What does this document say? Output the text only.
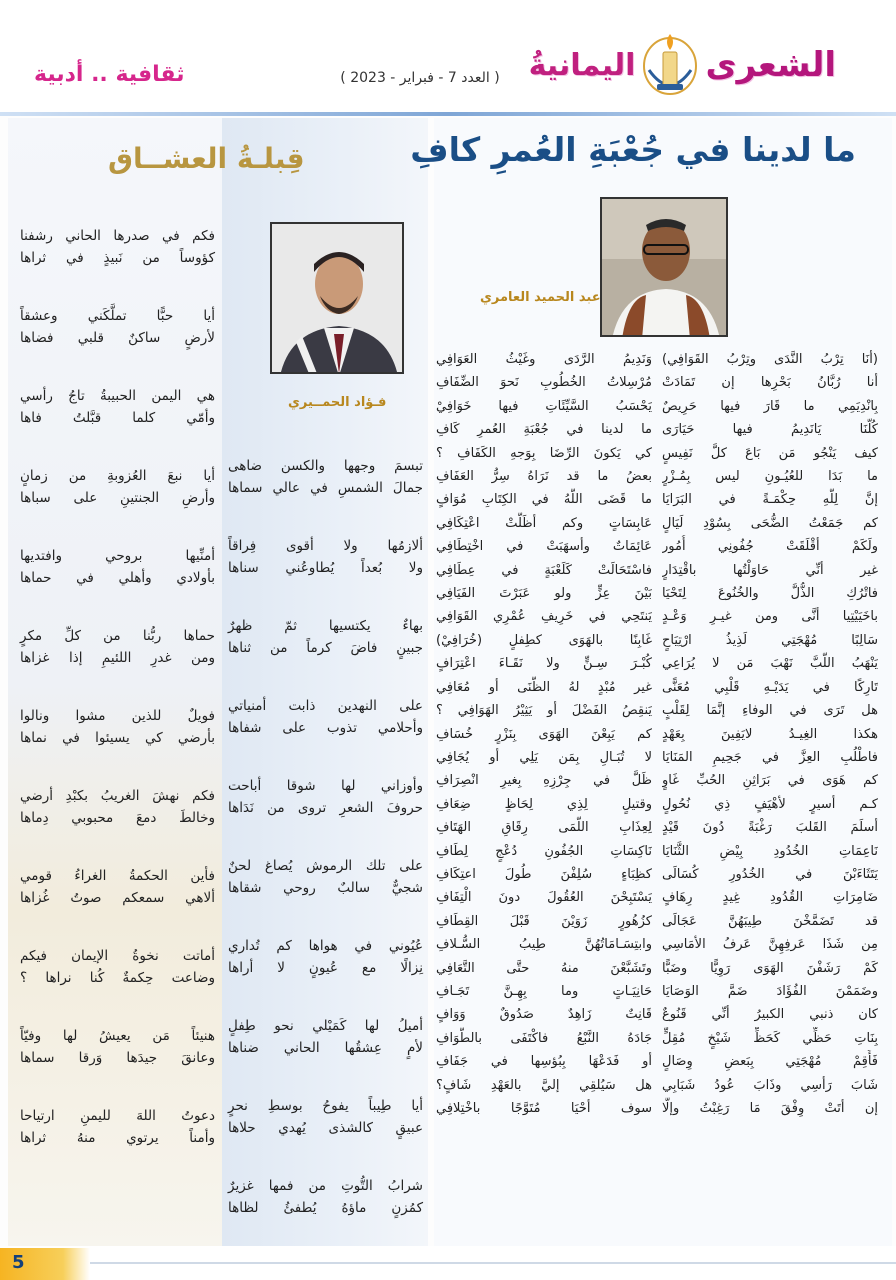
الشعرى
اليمانيةُ
( العدد 7 - فبراير - 2023 )
ثقافية .. أدبية
ما لدينا في جُعْبَةِ العُمرِ كافِ
عبد الحميد العامري
(أنَا تِرْبُ النَّدَى وتِرْبُ القَوَافِي)
أنا رُبَّانُ بَحْرِها إن تَمَادَتْ
بِانْدِيَمِي ما قَارَ فيها حَرِيصٌ
كُلُّنَا يَانَدِيمُ فيها حَيَارَى
كيف يَنْجُو مَن بَاعَ كلَّ نَفِيسٍ
ما بَدَا للعُيُـونِ ليس بِمُـزْرٍ
إنَّ لِلَّهِ حِكْمَـةً في البَرَايَا
كم جَمَعْتُ الضُّحَى بِسُوْدِ لَيَالٍ
ولَكَمْ أقْلَقَتْ جُفُونِي أُمُور
غير أنِّي حَاوَلْتُها باقْتِدَارٍ
فاتْرُكِ الذُّلَّ والخُنُوعَ لِتَحْيَا
باخَيَيْتِيا أنَّى ومن غيـرِ وَعْـدٍ
سَالِبًا مُهْجَتِي لَذِيذُ ارْتِيَاحٍ
يَنْهَبُ اللُّبَّ نَهْبَ مَن لا يُرَاعِي
تَارِكًا في يَدَيْـهِ قَلْبِي مُعَنًّى
هل تَرَى في الوفاءِ إنَّمَا لِقَلْبٍ
هكذا الغِيـدُ لايَفِينَ بِعَهْدٍ
فاطْلُبِ العِزَّ في جَحِيمِ المَنَايَا
كم هَوَى في بَرَاثِنِ الحُبِّ غَاوٍ
كـم أسيرٍ لأهْيَفٍ ذِي نُحُولٍ
أسلَمَ القَلبَ رَغْبَةً دُونَ قَيْدٍ
نَاعِمَاتِ الخُدُودِ بِيْضِ الثَّنَايَا
يَتَثَاءَبْنَ في الخُدُورِ كُسَالَى
ضَامِرَاتِ القُدُودِ غِيدٍ رِهَافٍ
قد تَضَمَّخْنَ طِيبَهُنَّ عَجَالَى
مِن شَذَا عَرفِهِنَّ عَرفُ الأمَاسِي
كَمْ رَشَفْنَ الهَوَى رَوِيًّا وضَبًّا
وضَمَمْنَ الفُؤَادَ ضَمَّ الوَصَايَا
كان ذنبي الكبيرُ أنِّي قَنُوعٌ
بِنَاتِ حَظِّي كَحَظِّ شَيْخٍ مُقِلٍّ
فَأَقِمْ مُهْجَتِي بِبَعضِ وِصَالٍ
شَابَ رَأسِي وذَابَ عُودُ شَبَابِي
إن أتَتْ وِفْقَ مَا رَغِبْتُ وإلَّا
وَنَدِيمُ الرَّدَى وغَيْثُ العَوَافِي
مُرْسِلاتُ الخُطُوبِ نَحوَ الضِّفَافِ
يَحْسَبُ السَّيِّئَاتِ فيها خَوَافِيْ
ما لدينا في جُعْبَةِ العُمرِ كَافِ
كي يَكونَ الرِّضَا بِوَجهِ الكَفَافِ ؟
بعضُ ما قد نَرَاهُ سِرُّ العَفَافِ
ما قَضَى اللَّهُ في الكِتَابِ مُوَافٍ
عَابِسَاتٍ وكم أظَلَّتْ اعْتِكَافِي
عَائِمَاتٌ وأسهَبَتْ في اخْتِطَافِي
فاسْتَحَالَتْ كَلَعْبَةٍ في عِطَافِي
بَيْنَ عِزٍّ ولو عَبَرْتَ الفَيَافِي
يَنتَحِي في خَرِيفِ عُمْرِي القَوَافِي
غَابِنًا بالهَوَى كطِفلٍ (خُرَافِيْ)
كُبْـرَ سِـنٍّ ولا نَقَـاءَ اعْتِرَافٍ
غير مُبْدٍ لهُ الظَّنَى أو مُعَافِي
يَنقِصُ الفَضْلَ أو يَثِيْرُ الهَوَافِي ؟
كم يَبِعْنَ الهَوَى بِنَزْرٍ خُسَافِ
لا تُبَـالِ بِمَن يَلِي أو يُجَافِي
ظَلَّ في جِرْزِهِ بِغيرِ انْصِرَافِ
وقتيلٍ لِذِي لِحَاظٍ ضِعَافِ
لِعِذَابِ اللُّمَى رِقَاقِ الهَتَافِ
نَاكِسَاتِ الجُفُونِ دُعْجٍ لِطَافِ
كظِبَاءٍ سُلِفْنَ طُولَ اعتِكَافِ
يَسْتَبِحْنَ العُقُولَ دونَ الْتِفَافِ
كزُهُورٍ زَوَيْنَ قَبْلَ القِطَافِ
وابتِسَـامَاتُهُنَّ طِيبُ السُّـلافِ
وتَشَبَّعْنَ منهُ حتَّى التَّعَافِي
حَانِيَـاتٍ وما بِهِـنَّ تَجَـافِ
قَانِتٌ زَاهِدٌ صَدُوقٌ وَوَافٍ
جَادَهُ النَّبْعُ فاكْتَفَى بالطَّوَافِ
أو فَدَعْهَا بِبُؤسِها في جَفَافِ
هل سَيُلقِي إليَّ بالعَهْدِ شَافٍ؟
سوف أحْيَا مُتَوَّجًا باخْتِلافِي
قِبلـةُ العشــاق
فـؤاد الحمــيري
تبسمَ وجهها والكسن ضاهى
جمالَ الشمسِ في عالي سماها
ألازمُها ولا أقوى فِراقاً
ولا بُعداً يُطاوعُني سناها
بهاءٌ يكتسيها ثمّ ظهرٌ
جبينٍ فاضَ كرماً من ثناها
على النهدين ذابت أمنياتي
وأحلامي تذوب على شفاها
وأوزاني لها شوقا أباحت
حروفَ الشعرِ تروى من نَدَاها
على تلك الرموش يُصاغ لحنٌ
شجيٌّ سالبٌ روحي شقاها
عُيُوني في هواها كم تُداري
نِزالًا مع عُيونٍ لا أراها
أميلُ لها كَمَيْلي نحو طِفلٍ
لأمٍ عِشقُها الحاني ضناها
أيا طِيباً يفوحُ بوسطِ نحرٍ
عبيقٍ كالشذى يُهدي حلاها
شرابُ التُّوتِ من فمها غزيرٌ
كمُزنٍ ماؤهُ يُطفئُ لظاها
فكم في صدرها الحاني رشفنا
كؤوساً من نَبيذٍ في ثراها
أيا حبًّا تملَّكَني وعشقاً
لأرضٍ ساكنٌ قلبي فضاها
هي اليمن الحبيبةُ تاجُ رأسي
وأمّي كلما قبَّلتُ فاها
أيا نبعَ العُزوبةِ من زمانٍ
وأرضِ الجنتينِ على سباها
أمنِّيها بروحي وافتديها
بأولادي وأهلي في حماها
حماها ربُّنا من كلِّ مكرٍ
ومن غدرِ اللئيمِ إذا غزاها
فويلٌ للذين مشوا ونالوا
بأرضي كي يسيئوا في نماها
فكم نهشَ الغريبُ بكبْدِ أرضي
وخالطَ دمعَ محبوبي دِماها
فأين الحكمةُ الغراءُ قومي
ألاهي سمعكم صوتُ غُزاها
أماتت نخوةُ الإيمان فيكم
وضاعت حِكمةٌ كُنا نراها ؟
هنيئاً مَن يعيشُ لها وفيّاً
وعانقَ جيدَها وَرقا سماها
دعوتُ اللهَ لليمنِ ارتياحا
وأمناً يرتوي منهُ ثراها
5
